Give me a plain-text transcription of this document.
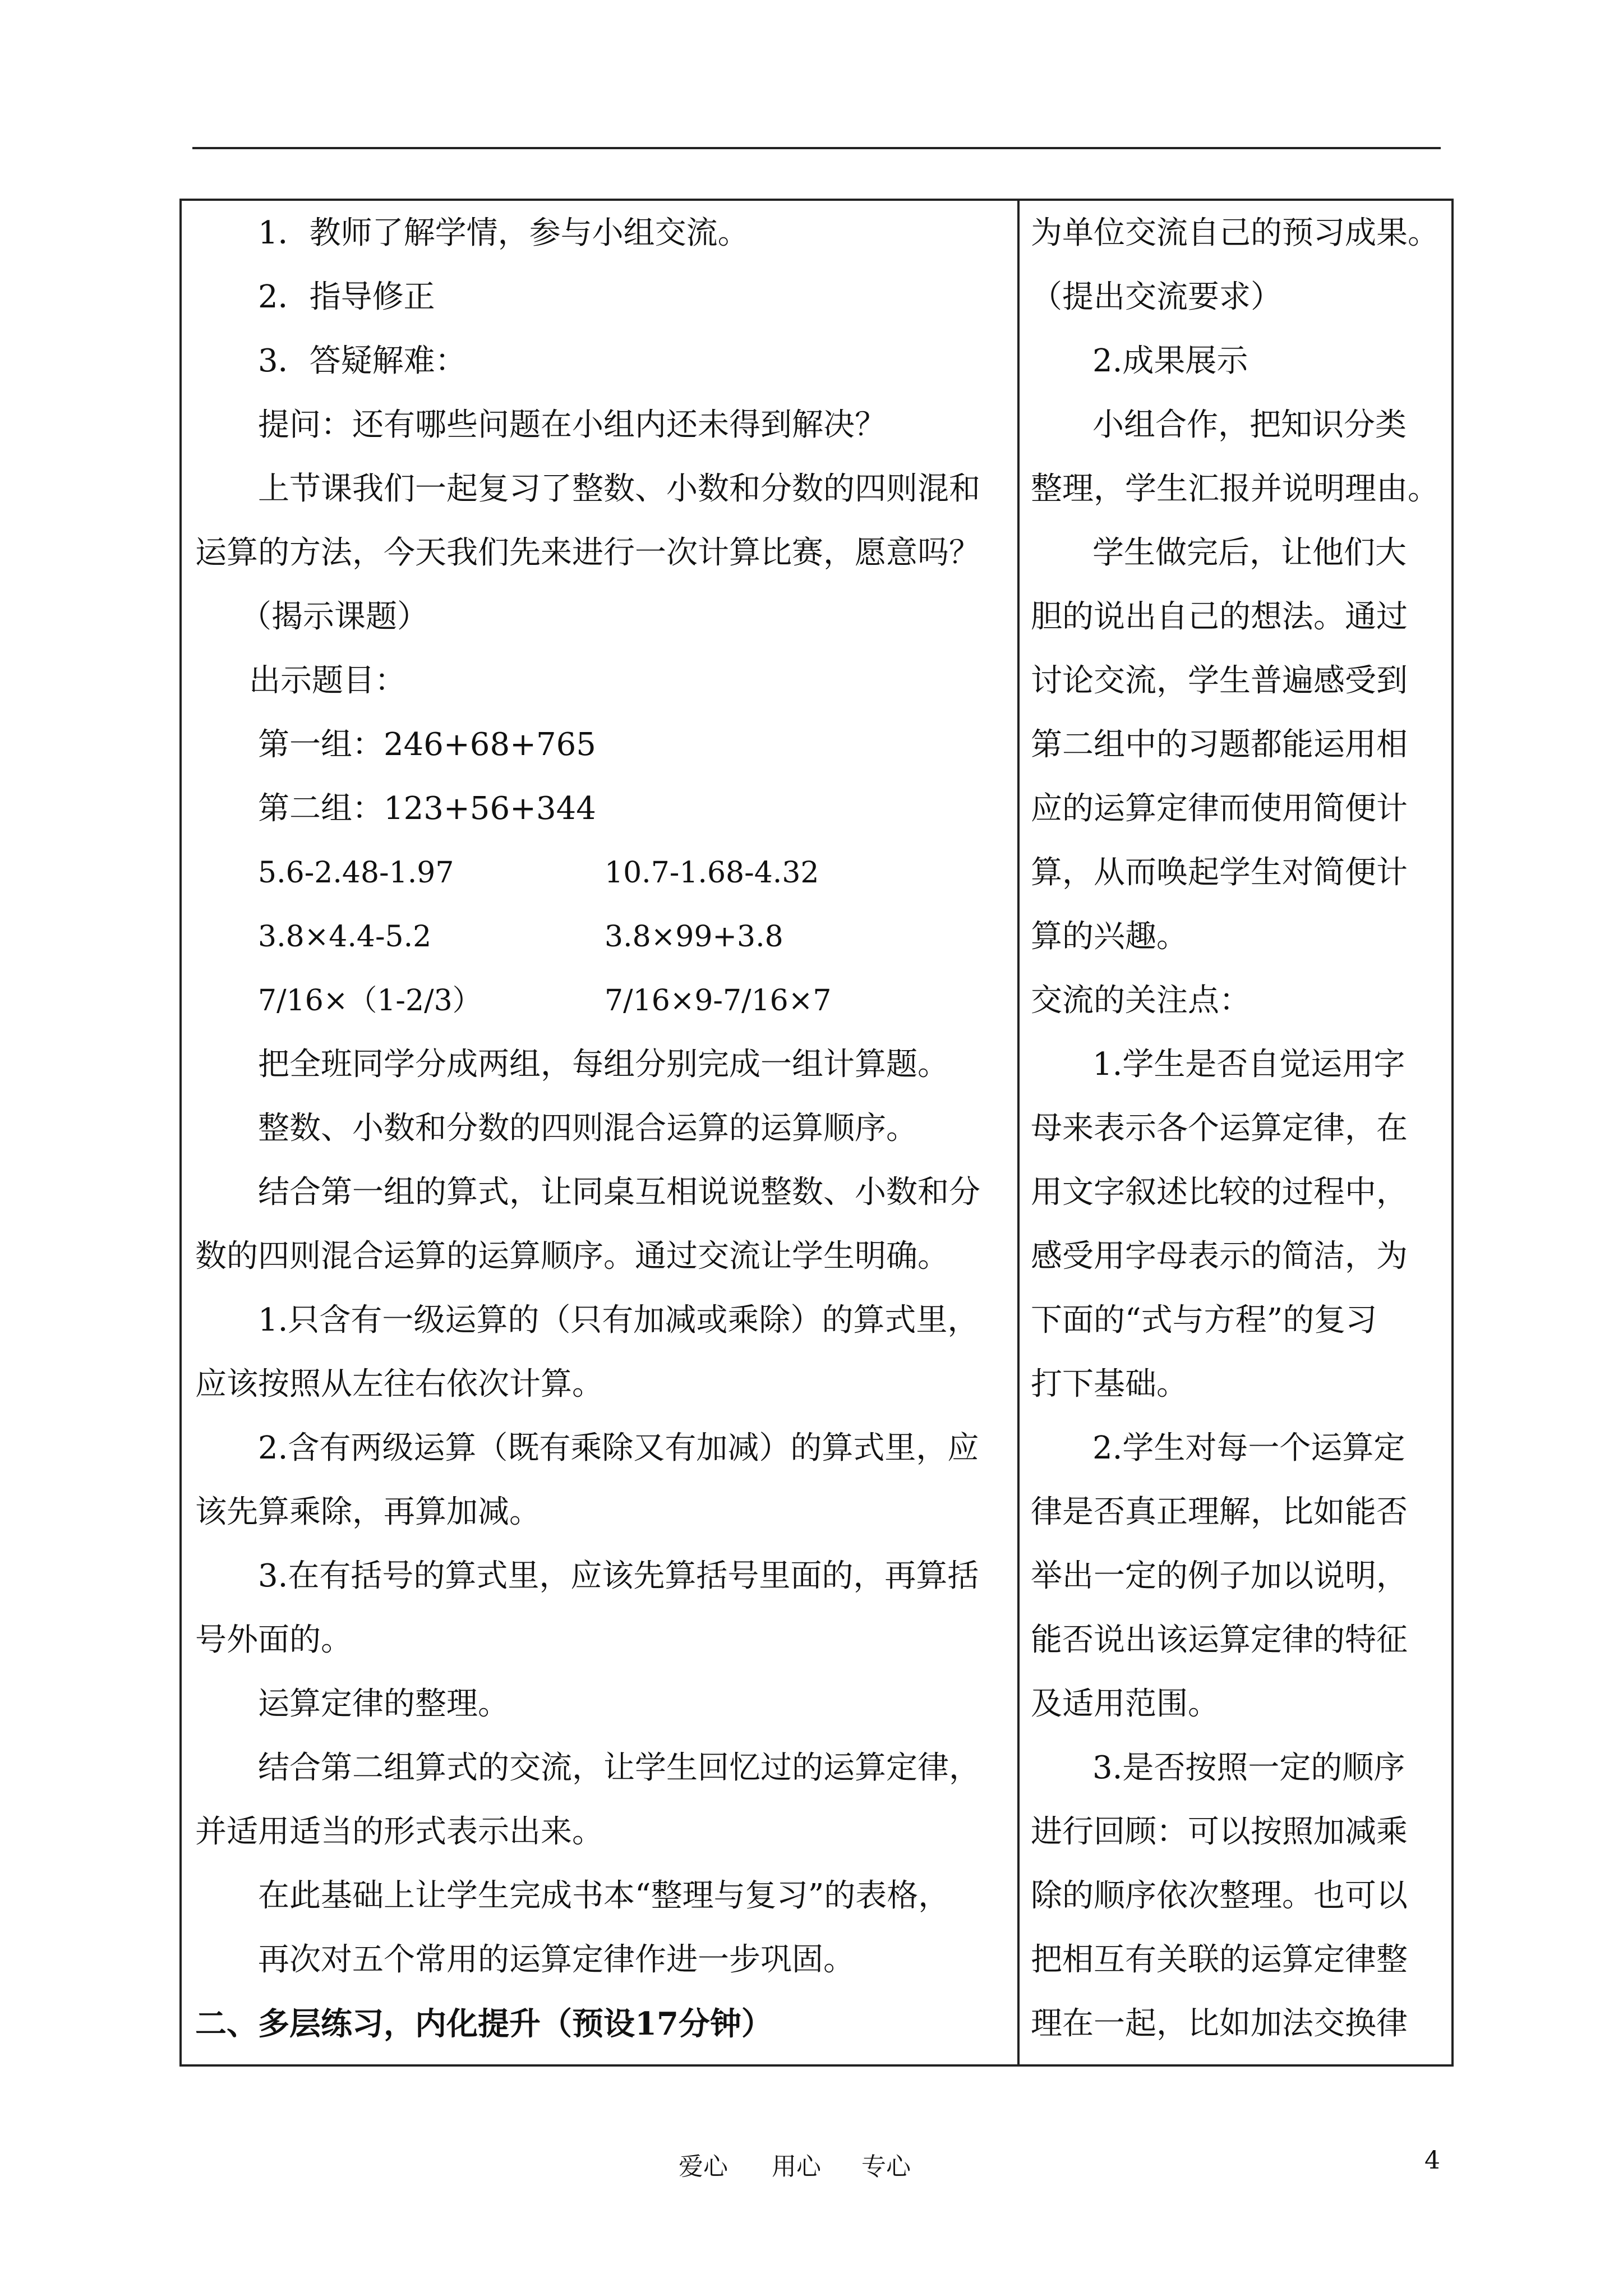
1．教师了解学情，参与小组交流。
2．指导修正
3．答疑解难：
提问：还有哪些问题在小组内还未得到解决？
上节课我们一起复习了整数、小数和分数的四则混和
运算的方法，今天我们先来进行一次计算比赛，愿意吗？
（揭示课题）
出示题目：
第一组：246+68+765
第二组：123+56+344
5.6-2.48-1.97	10.7-1.68-4.32
3.8×4.4-5.2	3.8×99+3.8
7/16×（1-2/3）	7/16×9-7/16×7
把全班同学分成两组，每组分别完成一组计算题。
整数、小数和分数的四则混合运算的运算顺序。
结合第一组的算式，让同桌互相说说整数、小数和分
数的四则混合运算的运算顺序。通过交流让学生明确。
1.只含有一级运算的（只有加减或乘除）的算式里，
应该按照从左往右依次计算。
2.含有两级运算（既有乘除又有加减）的算式里，应
该先算乘除，再算加减。
3.在有括号的算式里，应该先算括号里面的，再算括
号外面的。
运算定律的整理。
结合第二组算式的交流，让学生回忆过的运算定律，
并适用适当的形式表示出来。
在此基础上让学生完成书本“整理与复习”的表格，
再次对五个常用的运算定律作进一步巩固。
二、多层练习，内化提升（预设17分钟）
为单位交流自己的预习成果。
（提出交流要求）
2.成果展示
小组合作，把知识分类
整理，学生汇报并说明理由。
学生做完后，让他们大
胆的说出自己的想法。通过
讨论交流，学生普遍感受到
第二组中的习题都能运用相
应的运算定律而使用简便计
算，从而唤起学生对简便计
算的兴趣。
交流的关注点：
1.学生是否自觉运用字
母来表示各个运算定律，在
用文字叙述比较的过程中，
感受用字母表示的简洁，为
下面的“式与方程”的复习
打下基础。
2.学生对每一个运算定
律是否真正理解，比如能否
举出一定的例子加以说明，
能否说出该运算定律的特征
及适用范围。
3.是否按照一定的顺序
进行回顾：可以按照加减乘
除的顺序依次整理。也可以
把相互有关联的运算定律整
理在一起，比如加法交换律
爱心 用心 专心	4
